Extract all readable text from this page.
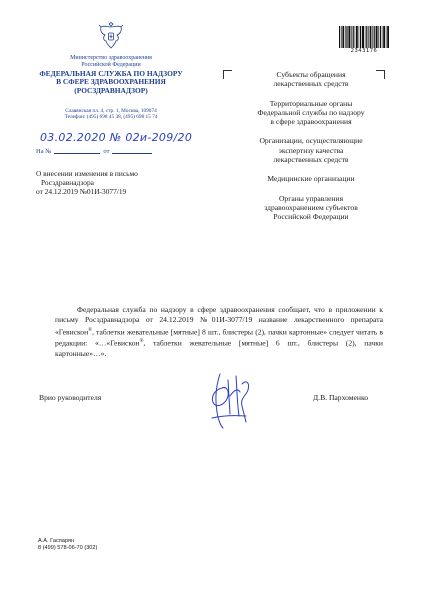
Министерство здравоохранения
Российской Федерации
ФЕДЕРАЛЬНАЯ СЛУЖБА ПО НАДЗОРУ
В СФЕРЕ ЗДРАВООХРАНЕНИЯ
(РОСЗДРАВНАДЗОР)
Славянская пл. 4, стр. 1, Москва, 109074
Телефон: (495) 698 45 38, (495) 698 15 74
03.02.2020 № 02и-209/20
На №	от
О внесении изменения в письмо
Росздравнадзора
от 24.12.2019 №01И-3077/19
2343176

Субъекты обращения
лекарственных средств

Территориальные органы
Федеральной службы по надзору
в сфере здравоохранения

Организации, осуществляющие
экспертизу качества
лекарственных средств

Медицинские организации

Органы управления
здравоохранением субъектов
Российской Федерации

Федеральная служба по надзору в сфере здравоохранения сообщает, что в приложении к письму Росздравнадзора от 24.12.2019 №01И-3077/19 название лекарственного препарата «Гевискон®, таблетки жевательные [мятные] 8 шт., блистеры (2), пачки картонные» следует читать в редакции: «…«Гевискон®, таблетки жевательные [мятные] 6 шт., блистеры (2), пачки картонные»…».
Врио руководителя	Д.В. Пархоменко
А.А. Гаспарян
8 (499) 578-06-70 (302)
